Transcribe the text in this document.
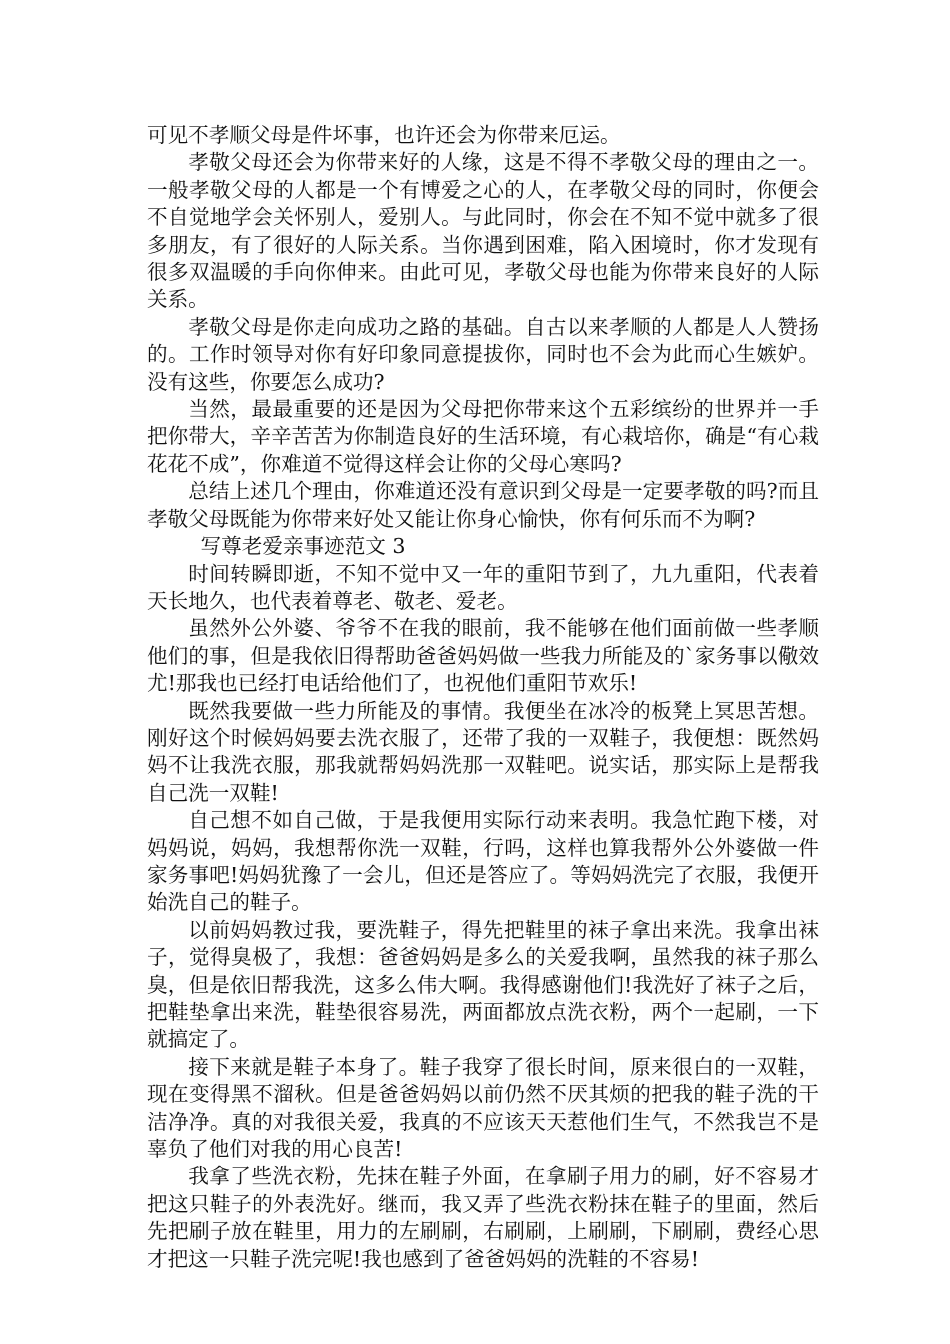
可见不孝顺父母是件坏事，也许还会为你带来厄运。

孝敬父母还会为你带来好的人缘，这是不得不孝敬父母的理由之一。一般孝敬父母的人都是一个有博爱之心的人，在孝敬父母的同时，你便会不自觉地学会关怀别人，爱别人。与此同时，你会在不知不觉中就多了很多朋友，有了很好的人际关系。当你遇到困难，陷入困境时，你才发现有很多双温暖的手向你伸来。由此可见，孝敬父母也能为你带来良好的人际关系。

孝敬父母是你走向成功之路的基础。自古以来孝顺的人都是人人赞扬的。工作时领导对你有好印象同意提拔你，同时也不会为此而心生嫉妒。没有这些，你要怎么成功?

当然，最最重要的还是因为父母把你带来这个五彩缤纷的世界并一手把你带大，辛辛苦苦为你制造良好的生活环境，有心栽培你，确是“有心栽花花不成”，你难道不觉得这样会让你的父母心寒吗?

总结上述几个理由，你难道还没有意识到父母是一定要孝敬的吗?而且孝敬父母既能为你带来好处又能让你身心愉快，你有何乐而不为啊?

写尊老爱亲事迹范文 3

时间转瞬即逝，不知不觉中又一年的重阳节到了，九九重阳，代表着天长地久，也代表着尊老、敬老、爱老。

虽然外公外婆、爷爷不在我的眼前，我不能够在他们面前做一些孝顺他们的事，但是我依旧得帮助爸爸妈妈做一些我力所能及的`家务事以儆效尤!那我也已经打电话给他们了，也祝他们重阳节欢乐!

既然我要做一些力所能及的事情。我便坐在冰冷的板凳上冥思苦想。刚好这个时候妈妈要去洗衣服了，还带了我的一双鞋子，我便想：既然妈妈不让我洗衣服，那我就帮妈妈洗那一双鞋吧。说实话，那实际上是帮我自己洗一双鞋!

自己想不如自己做，于是我便用实际行动来表明。我急忙跑下楼，对妈妈说，妈妈，我想帮你洗一双鞋，行吗，这样也算我帮外公外婆做一件家务事吧!妈妈犹豫了一会儿，但还是答应了。等妈妈洗完了衣服，我便开始洗自己的鞋子。

以前妈妈教过我，要洗鞋子，得先把鞋里的袜子拿出来洗。我拿出袜子，觉得臭极了，我想：爸爸妈妈是多么的关爱我啊，虽然我的袜子那么臭，但是依旧帮我洗，这多么伟大啊。我得感谢他们!我洗好了袜子之后，把鞋垫拿出来洗，鞋垫很容易洗，两面都放点洗衣粉，两个一起刷，一下就搞定了。

接下来就是鞋子本身了。鞋子我穿了很长时间，原来很白的一双鞋，现在变得黑不溜秋。但是爸爸妈妈以前仍然不厌其烦的把我的鞋子洗的干洁净净。真的对我很关爱，我真的不应该天天惹他们生气，不然我岂不是辜负了他们对我的用心良苦!

我拿了些洗衣粉，先抹在鞋子外面，在拿刷子用力的刷，好不容易才把这只鞋子的外表洗好。继而，我又弄了些洗衣粉抹在鞋子的里面，然后先把刷子放在鞋里，用力的左刷刷，右刷刷，上刷刷，下刷刷，费经心思才把这一只鞋子洗完呢!我也感到了爸爸妈妈的洗鞋的不容易!
